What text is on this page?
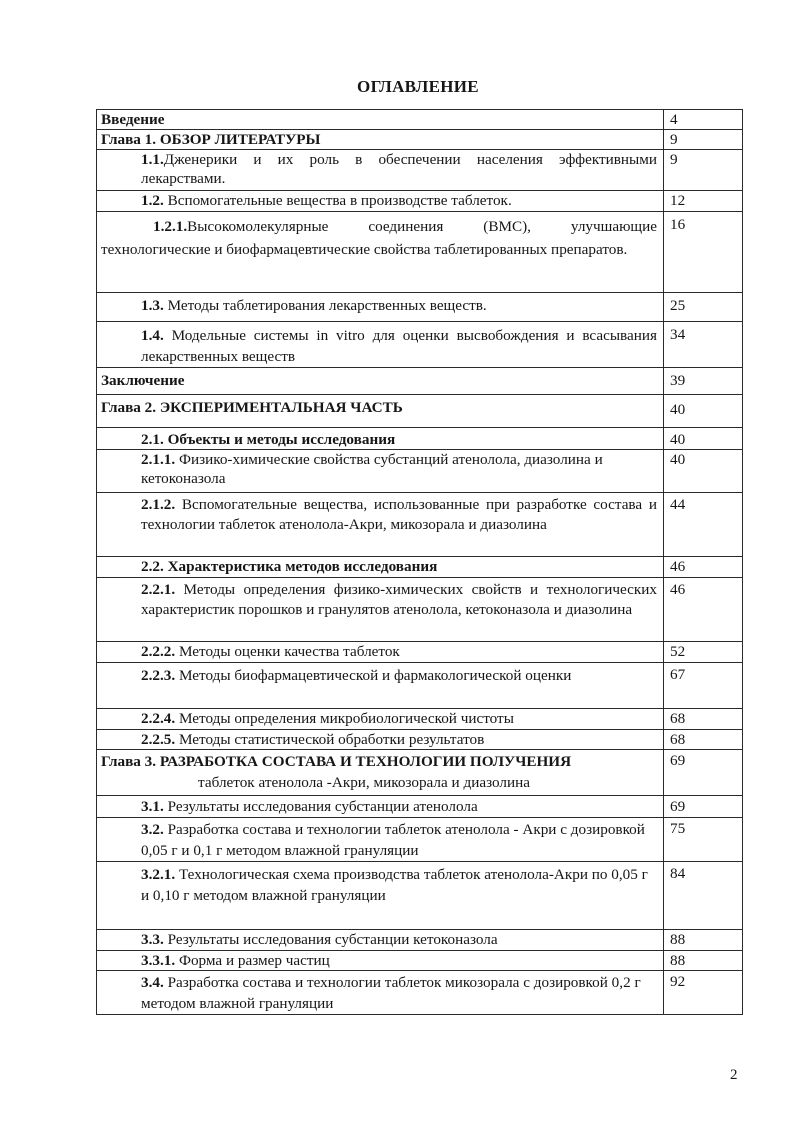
ОГЛАВЛЕНИЕ
Введение	4
Глава 1. ОБЗОР ЛИТЕРАТУРЫ	9
1.1.Дженерики и их роль в обеспечении населения эффективными лекарствами.	9
1.2. Вспомогательные вещества в производстве таблеток.	12
1.2.1.Высокомолекулярные соединения (ВМС), улучшающие технологические и биофармацевтические свойства таблетированных препаратов.	16
1.3. Методы таблетирования лекарственных веществ.	25
1.4. Модельные системы in vitro для оценки высвобождения и всасывания лекарственных веществ	34
Заключение	39
Глава 2. ЭКСПЕРИМЕНТАЛЬНАЯ ЧАСТЬ	40
2.1. Объекты и методы исследования	40
2.1.1. Физико-химические свойства субстанций атенолола, диазолина и кетоконазола	40
2.1.2. Вспомогательные вещества, использованные при разработке состава и технологии таблеток атенолола-Акри, микозорала и диазолина	44
2.2. Характеристика методов исследования	46
2.2.1. Методы определения физико-химических свойств и технологических характеристик порошков и гранулятов атенолола, кетоконазола и диазолина	46
2.2.2. Методы оценки качества таблеток	52
2.2.3. Методы биофармацевтической и фармакологической оценки	67
2.2.4. Методы определения микробиологической чистоты	68
2.2.5. Методы статистической обработки результатов	68
Глава 3. РАЗРАБОТКА СОСТАВА И ТЕХНОЛОГИИ ПОЛУЧЕНИЯ
таблеток атенолола -Акри, микозорала и диазолина	69
3.1. Результаты исследования субстанции атенолола	69
3.2. Разработка состава и технологии таблеток атенолола - Акри с дозировкой 0,05 г и 0,1 г методом влажной грануляции	75
3.2.1. Технологическая схема производства таблеток атенолола-Акри по 0,05 г и 0,10 г методом влажной грануляции	84
3.3. Результаты исследования субстанции кетоконазола	88
3.3.1. Форма и размер частиц	88
3.4. Разработка состава и технологии таблеток микозорала с дозировкой 0,2 г методом влажной грануляции	92
2
